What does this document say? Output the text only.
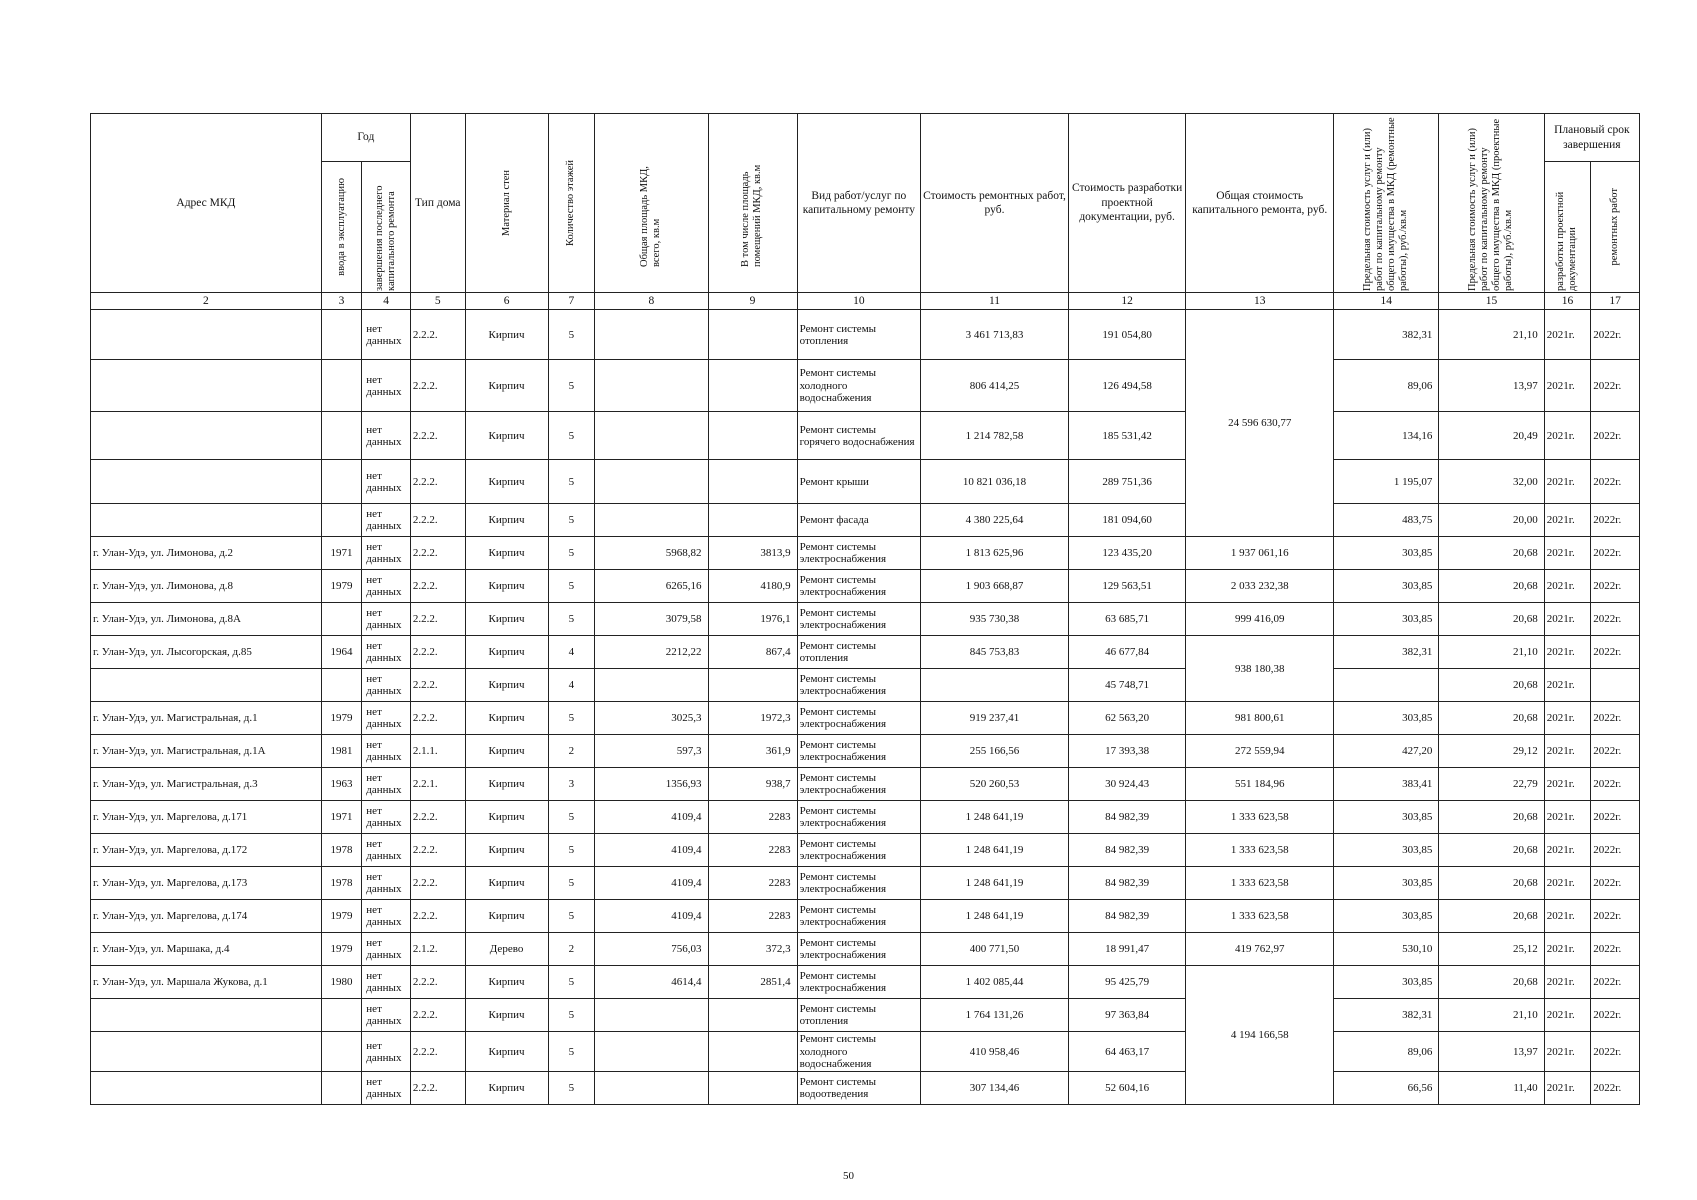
Адрес МКД	Год		Тип дома	Материал стен	Количество этажей	Общая площадь МКД, всего, кв.м	В том числе площадь помещений МКД, кв.м	Вид работ/услуг по капитальному ремонту	Стоимость ремонтных работ, руб.	Стоимость разработки проектной документации, руб.	Общая стоимость капитального ремонта, руб.	Предельная стоимость услуг и (или) работ по капитальному ремонту общего имущества в МКД (ремонтные работы), руб./кв.м	Предельная стоимость услуг и (или) работ по капитальному ремонту общего имущества в МКД (проектные работы), руб./кв.м	Плановый срок завершения	

	ввода в эксплуатацию	завершения последнего капитального ремонта												разработки проектной документации	ремонтных работ

2	3	4	5	6	7	8	9	10	11	12	13	14	15	16	17
		нет данных	2.2.2.	Кирпич	5			Ремонт системы отопления	3 461 713,83	191 054,80	24 596 630,77	382,31	21,10	2021г.	2022г.
		нет данных	2.2.2.	Кирпич	5			Ремонт системы холодного водоснабжения	806 414,25	126 494,58		89,06	13,97	2021г.	2022г.
		нет данных	2.2.2.	Кирпич	5			Ремонт системы горячего водоснабжения	1 214 782,58	185 531,42		134,16	20,49	2021г.	2022г.
		нет данных	2.2.2.	Кирпич	5			Ремонт крыши	10 821 036,18	289 751,36		1 195,07	32,00	2021г.	2022г.
		нет данных	2.2.2.	Кирпич	5			Ремонт фасада	4 380 225,64	181 094,60		483,75	20,00	2021г.	2022г.
г. Улан-Удэ, ул. Лимонова, д.2	1971	нет данных	2.2.2.	Кирпич	5	5968,82	3813,9	Ремонт системы электроснабжения	1 813 625,96	123 435,20	1 937 061,16	303,85	20,68	2021г.	2022г.
г. Улан-Удэ, ул. Лимонова, д.8	1979	нет данных	2.2.2.	Кирпич	5	6265,16	4180,9	Ремонт системы электроснабжения	1 903 668,87	129 563,51	2 033 232,38	303,85	20,68	2021г.	2022г.
г. Улан-Удэ, ул. Лимонова, д.8А		нет данных	2.2.2.	Кирпич	5	3079,58	1976,1	Ремонт системы электроснабжения	935 730,38	63 685,71	999 416,09	303,85	20,68	2021г.	2022г.
г. Улан-Удэ, ул. Лысогорская, д.85	1964	нет данных	2.2.2.	Кирпич	4	2212,22	867,4	Ремонт системы отопления	845 753,83	46 677,84	938 180,38	382,31	21,10	2021г.	2022г.
		нет данных	2.2.2.	Кирпич	4			Ремонт системы электроснабжения		45 748,71			20,68	2021г.	
г. Улан-Удэ, ул. Магистральная, д.1	1979	нет данных	2.2.2.	Кирпич	5	3025,3	1972,3	Ремонт системы электроснабжения	919 237,41	62 563,20	981 800,61	303,85	20,68	2021г.	2022г.
г. Улан-Удэ, ул. Магистральная, д.1А	1981	нет данных	2.1.1.	Кирпич	2	597,3	361,9	Ремонт системы электроснабжения	255 166,56	17 393,38	272 559,94	427,20	29,12	2021г.	2022г.
г. Улан-Удэ, ул. Магистральная, д.3	1963	нет данных	2.2.1.	Кирпич	3	1356,93	938,7	Ремонт системы электроснабжения	520 260,53	30 924,43	551 184,96	383,41	22,79	2021г.	2022г.
г. Улан-Удэ, ул. Маргелова, д.171	1971	нет данных	2.2.2.	Кирпич	5	4109,4	2283	Ремонт системы электроснабжения	1 248 641,19	84 982,39	1 333 623,58	303,85	20,68	2021г.	2022г.
г. Улан-Удэ, ул. Маргелова, д.172	1978	нет данных	2.2.2.	Кирпич	5	4109,4	2283	Ремонт системы электроснабжения	1 248 641,19	84 982,39	1 333 623,58	303,85	20,68	2021г.	2022г.
г. Улан-Удэ, ул. Маргелова, д.173	1978	нет данных	2.2.2.	Кирпич	5	4109,4	2283	Ремонт системы электроснабжения	1 248 641,19	84 982,39	1 333 623,58	303,85	20,68	2021г.	2022г.
г. Улан-Удэ, ул. Маргелова, д.174	1979	нет данных	2.2.2.	Кирпич	5	4109,4	2283	Ремонт системы электроснабжения	1 248 641,19	84 982,39	1 333 623,58	303,85	20,68	2021г.	2022г.
г. Улан-Удэ, ул. Маршака, д.4	1979	нет данных	2.1.2.	Дерево	2	756,03	372,3	Ремонт системы электроснабжения	400 771,50	18 991,47	419 762,97	530,10	25,12	2021г.	2022г.
г. Улан-Удэ, ул. Маршала Жукова, д.1	1980	нет данных	2.2.2.	Кирпич	5	4614,4	2851,4	Ремонт системы электроснабжения	1 402 085,44	95 425,79	4 194 166,58	303,85	20,68	2021г.	2022г.
		нет данных	2.2.2.	Кирпич	5			Ремонт системы отопления	1 764 131,26	97 363,84		382,31	21,10	2021г.	2022г.
		нет данных	2.2.2.	Кирпич	5			Ремонт системы холодного водоснабжения	410 958,46	64 463,17		89,06	13,97	2021г.	2022г.
		нет данных	2.2.2.	Кирпич	5			Ремонт системы водоотведения	307 134,46	52 604,16		66,56	11,40	2021г.	2022г.
50
